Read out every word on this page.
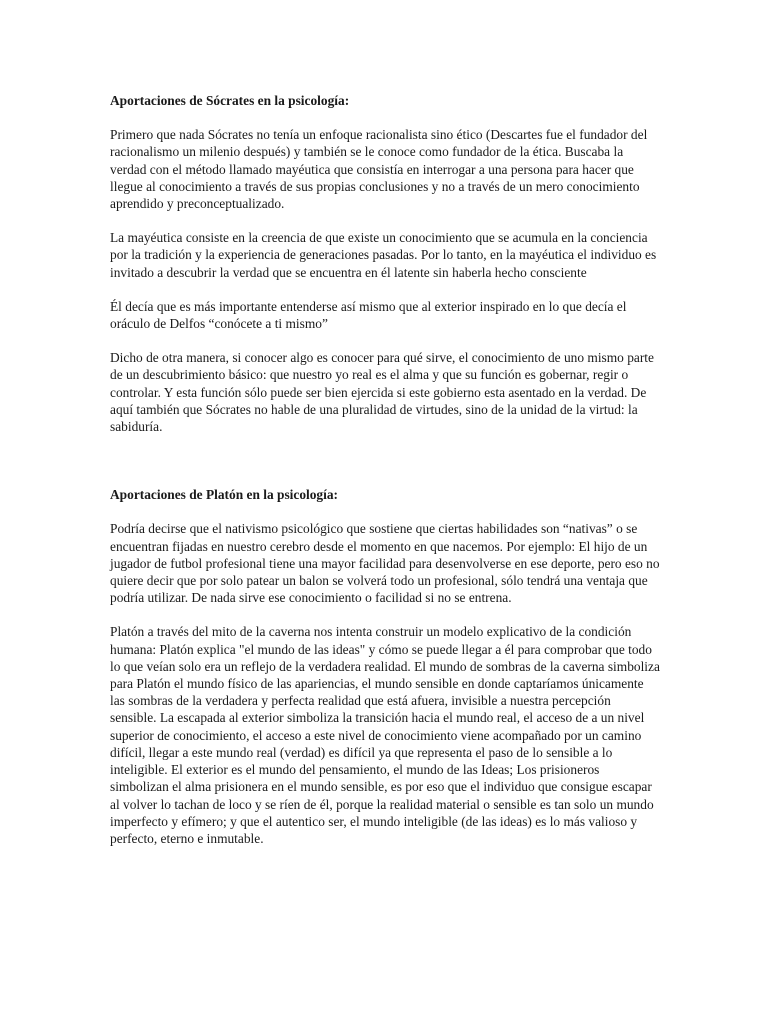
Aportaciones de Sócrates en la psicología:

Primero que nada Sócrates no tenía un enfoque racionalista sino ético (Descartes fue el fundador del racionalismo un milenio después) y también se le conoce como fundador de la ética. Buscaba la verdad con el método llamado mayéutica que consistía en interrogar a una persona para hacer que llegue al conocimiento a través de sus propias conclusiones y no a través de un mero conocimiento aprendido y preconceptualizado.

La mayéutica consiste en la creencia de que existe un conocimiento que se acumula en la conciencia por la tradición y la experiencia de generaciones pasadas. Por lo tanto, en la mayéutica el individuo es invitado a descubrir la verdad que se encuentra en él latente sin haberla hecho consciente

Él decía que es más importante entenderse así mismo que al exterior inspirado en lo que decía el oráculo de Delfos “conócete a ti mismo”

Dicho de otra manera, si conocer algo es conocer para qué sirve, el conocimiento de uno mismo parte de un descubrimiento básico: que nuestro yo real es el alma y que su función es gobernar, regir o controlar. Y esta función sólo puede ser bien ejercida si este gobierno esta asentado en la verdad. De aquí también que Sócrates no hable de una pluralidad de virtudes, sino de la unidad de la virtud: la sabiduría.

Aportaciones de Platón en la psicología:

Podría decirse que el nativismo psicológico que sostiene que ciertas habilidades son “nativas” o se encuentran fijadas en nuestro cerebro desde el momento en que nacemos. Por ejemplo: El hijo de un jugador de futbol profesional tiene una mayor facilidad para desenvolverse en ese deporte, pero eso no quiere decir que por solo patear un balon se volverá todo un profesional, sólo tendrá una ventaja que podría utilizar. De nada sirve ese conocimiento o facilidad si no se entrena.

Platón a través del mito de la caverna nos intenta construir un modelo explicativo de la condición humana: Platón explica "el mundo de las ideas" y cómo se puede llegar a él para comprobar que todo lo que veían solo era un reflejo de la verdadera realidad. El mundo de sombras de la caverna simboliza para Platón el mundo físico de las apariencias, el mundo sensible en donde captaríamos únicamente las sombras de la verdadera y perfecta realidad que está afuera, invisible a nuestra percepción sensible. La escapada al exterior simboliza la transición hacia el mundo real, el acceso de a un nivel superior de conocimiento, el acceso a este nivel de conocimiento viene acompañado por un camino difícil, llegar a este mundo real (verdad) es difícil ya que representa el paso de lo sensible a lo inteligible. El exterior es el mundo del pensamiento, el mundo de las Ideas; Los prisioneros simbolizan el alma prisionera en el mundo sensible, es por eso que el individuo que consigue escapar al volver lo tachan de loco y se ríen de él, porque la realidad material o sensible es tan solo un mundo imperfecto y efímero; y que el autentico ser, el mundo inteligible (de las ideas) es lo más valioso y perfecto, eterno e inmutable.
